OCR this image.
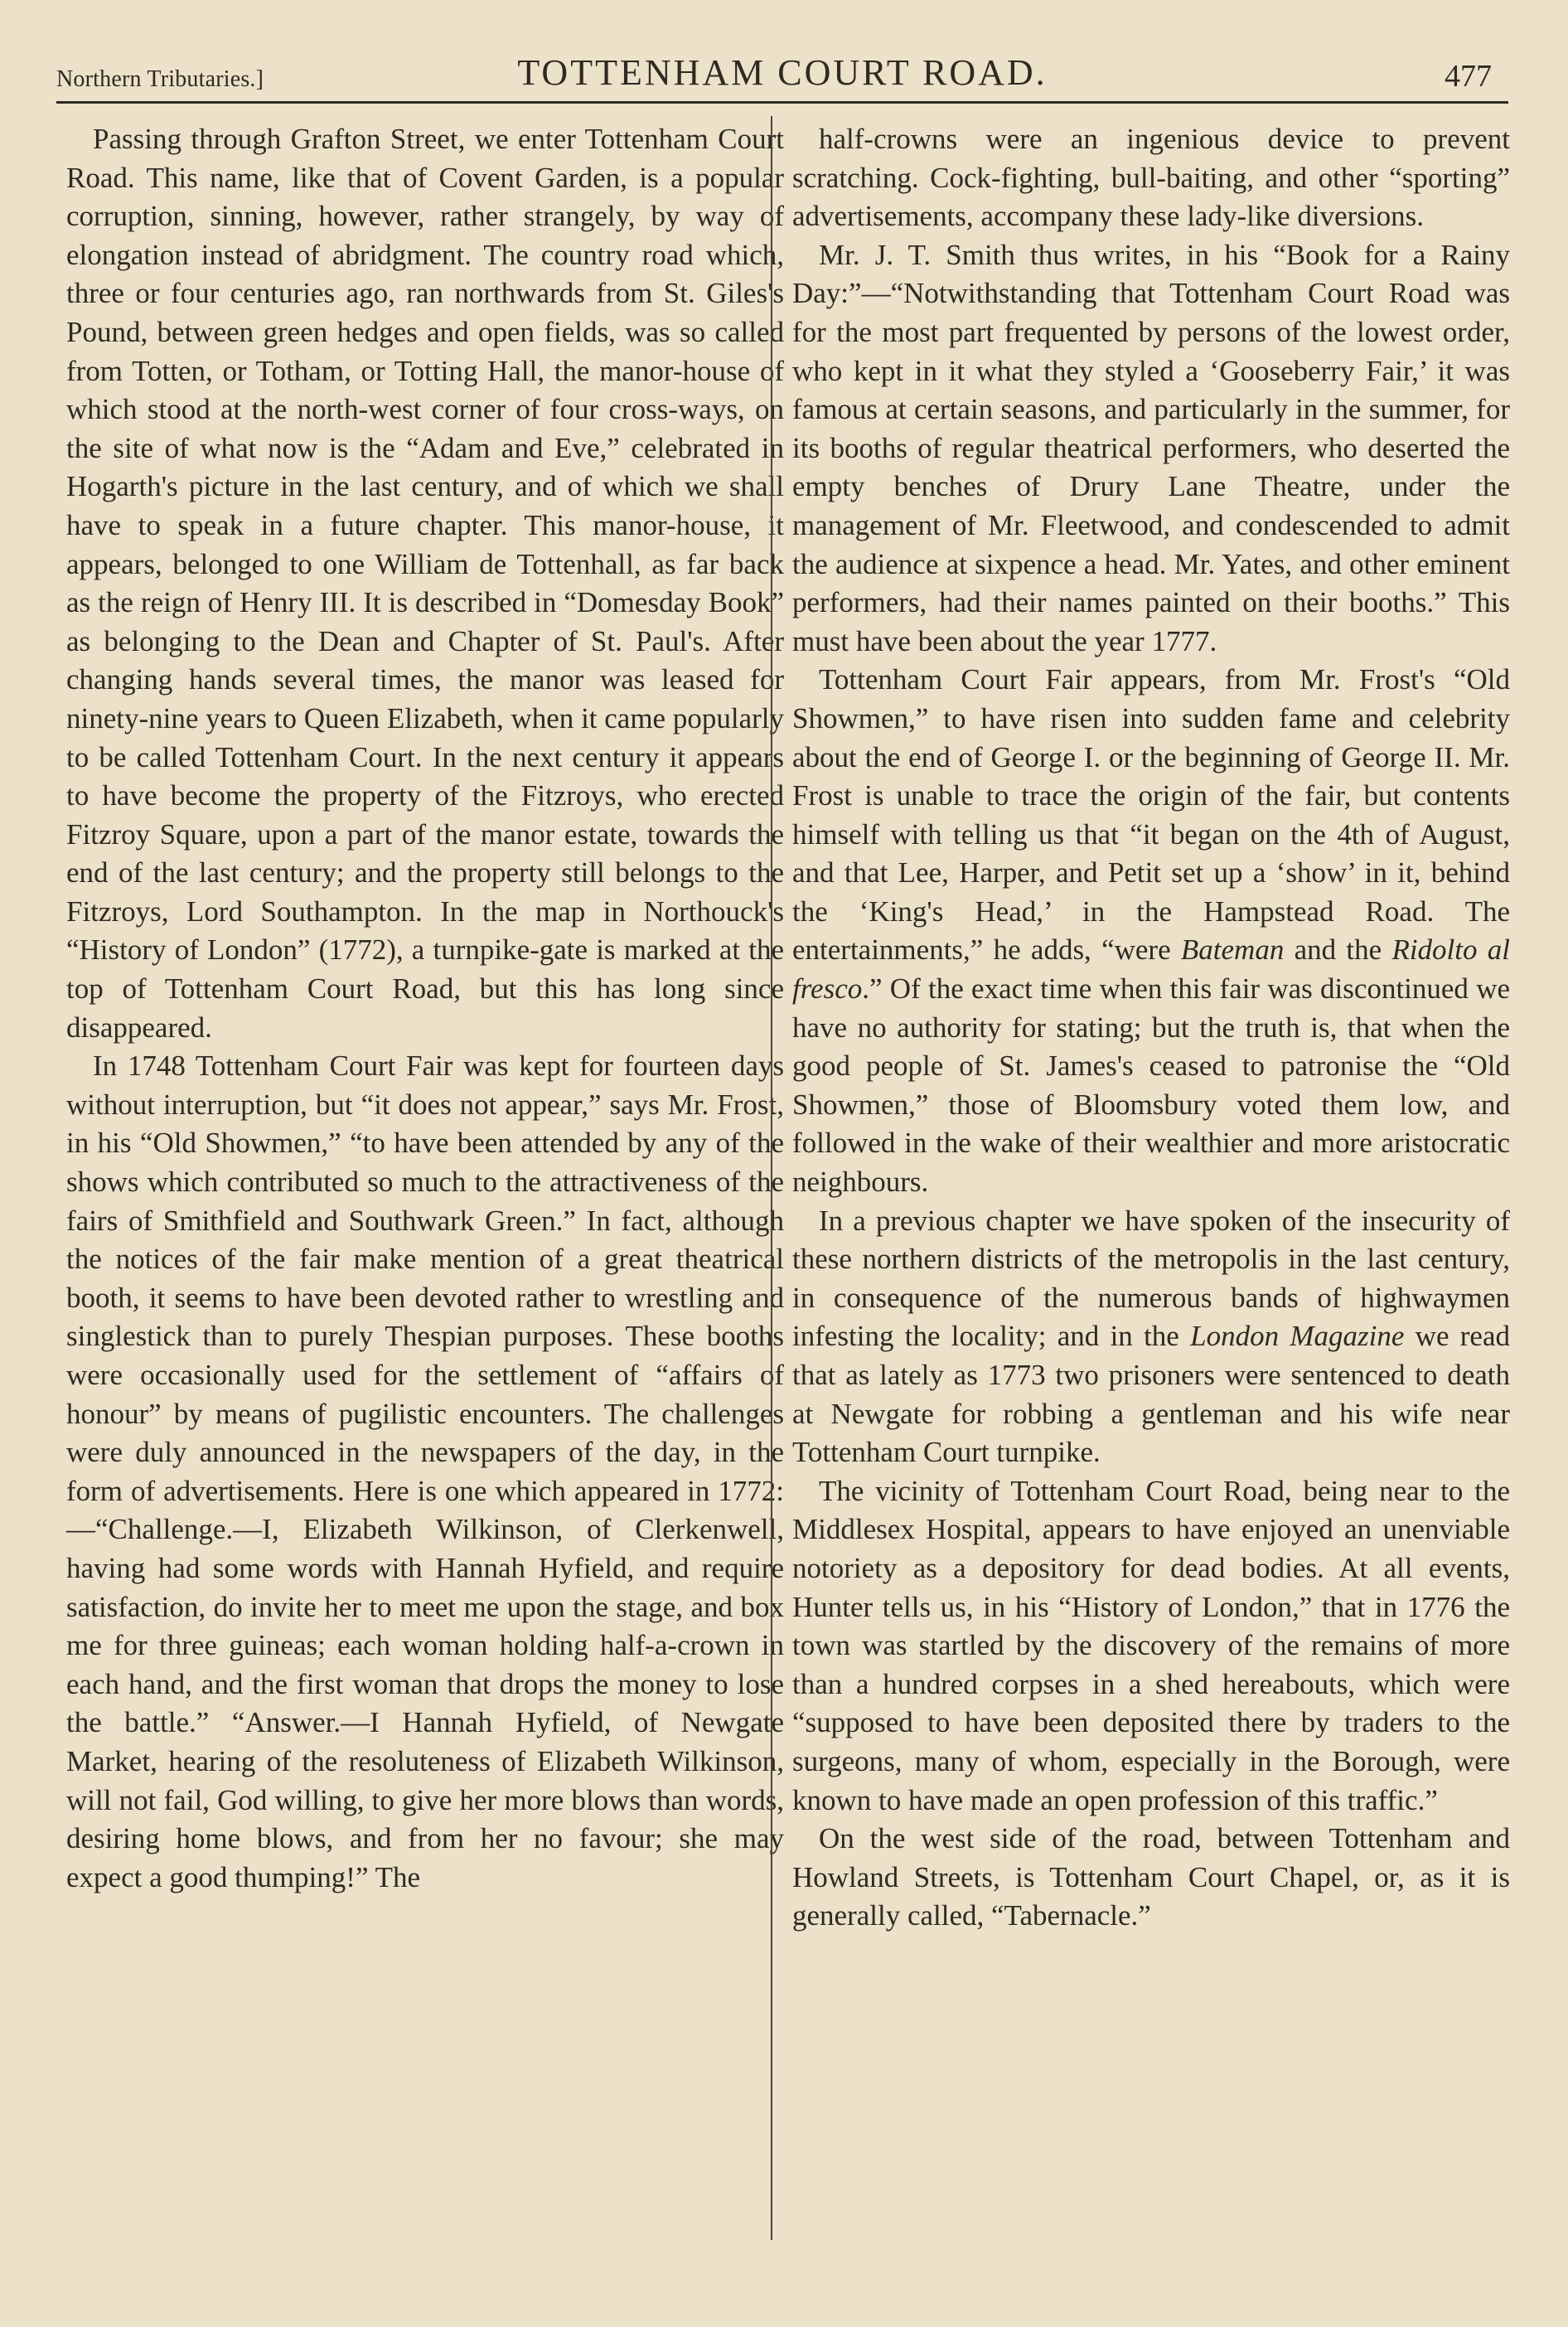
Northern Tributaries.]	TOTTENHAM COURT ROAD.	477

Passing through Grafton Street, we enter Tottenham Court Road. This name, like that of Covent Garden, is a popular corruption, sinning, however, rather strangely, by way of elongation instead of abridgment. The country road which, three or four centuries ago, ran northwards from St. Giles's Pound, between green hedges and open fields, was so called from Totten, or Totham, or Totting Hall, the manor-house of which stood at the north-west corner of four cross-ways, on the site of what now is the “Adam and Eve,” celebrated in Hogarth's picture in the last century, and of which we shall have to speak in a future chapter. This manor-house, it appears, belonged to one William de Tottenhall, as far back as the reign of Henry III. It is described in “Domesday Book” as belonging to the Dean and Chapter of St. Paul's. After changing hands several times, the manor was leased for ninety-nine years to Queen Elizabeth, when it came popularly to be called Tottenham Court. In the next century it appears to have become the property of the Fitzroys, who erected Fitzroy Square, upon a part of the manor estate, towards the end of the last century; and the property still belongs to the Fitzroys, Lord Southampton. In the map in Northouck's “History of London” (1772), a turnpike-gate is marked at the top of Tottenham Court Road, but this has long since disappeared.

In 1748 Tottenham Court Fair was kept for fourteen days without interruption, but “it does not appear,” says Mr. Frost, in his “Old Showmen,” “to have been attended by any of the shows which contributed so much to the attractiveness of the fairs of Smithfield and Southwark Green.” In fact, although the notices of the fair make mention of a great theatrical booth, it seems to have been devoted rather to wrestling and singlestick than to purely Thespian purposes. These booths were occasionally used for the settlement of “affairs of honour” by means of pugilistic encounters. The challenges were duly announced in the newspapers of the day, in the form of advertisements. Here is one which appeared in 1772:—“Challenge.—I, Elizabeth Wilkinson, of Clerkenwell, having had some words with Hannah Hyfield, and require satisfaction, do invite her to meet me upon the stage, and box me for three guineas; each woman holding half-a-crown in each hand, and the first woman that drops the money to lose the battle.” “Answer.—I Hannah Hyfield, of Newgate Market, hearing of the resoluteness of Elizabeth Wilkinson, will not fail, God willing, to give her more blows than words, desiring home blows, and from her no favour; she may expect a good thumping!” The

half-crowns were an ingenious device to prevent scratching. Cock-fighting, bull-baiting, and other “sporting” advertisements, accompany these lady-like diversions.

Mr. J. T. Smith thus writes, in his “Book for a Rainy Day:”—“Notwithstanding that Tottenham Court Road was for the most part frequented by persons of the lowest order, who kept in it what they styled a ‘Gooseberry Fair,’ it was famous at certain seasons, and particularly in the summer, for its booths of regular theatrical performers, who deserted the empty benches of Drury Lane Theatre, under the management of Mr. Fleetwood, and condescended to admit the audience at sixpence a head. Mr. Yates, and other eminent performers, had their names painted on their booths.” This must have been about the year 1777.

Tottenham Court Fair appears, from Mr. Frost's “Old Showmen,” to have risen into sudden fame and celebrity about the end of George I. or the beginning of George II. Mr. Frost is unable to trace the origin of the fair, but contents himself with telling us that “it began on the 4th of August, and that Lee, Harper, and Petit set up a ‘show’ in it, behind the ‘King's Head,’ in the Hampstead Road. The entertainments,” he adds, “were Bateman and the Ridolto al fresco.” Of the exact time when this fair was discontinued we have no authority for stating; but the truth is, that when the good people of St. James's ceased to patronise the “Old Showmen,” those of Bloomsbury voted them low, and followed in the wake of their wealthier and more aristocratic neighbours.

In a previous chapter we have spoken of the insecurity of these northern districts of the metropolis in the last century, in consequence of the numerous bands of highwaymen infesting the locality; and in the London Magazine we read that as lately as 1773 two prisoners were sentenced to death at Newgate for robbing a gentleman and his wife near Tottenham Court turnpike.

The vicinity of Tottenham Court Road, being near to the Middlesex Hospital, appears to have enjoyed an unenviable notoriety as a depository for dead bodies. At all events, Hunter tells us, in his “History of London,” that in 1776 the town was startled by the discovery of the remains of more than a hundred corpses in a shed hereabouts, which were “supposed to have been deposited there by traders to the surgeons, many of whom, especially in the Borough, were known to have made an open profession of this traffic.”

On the west side of the road, between Tottenham and Howland Streets, is Tottenham Court Chapel, or, as it is generally called, “Tabernacle.”
